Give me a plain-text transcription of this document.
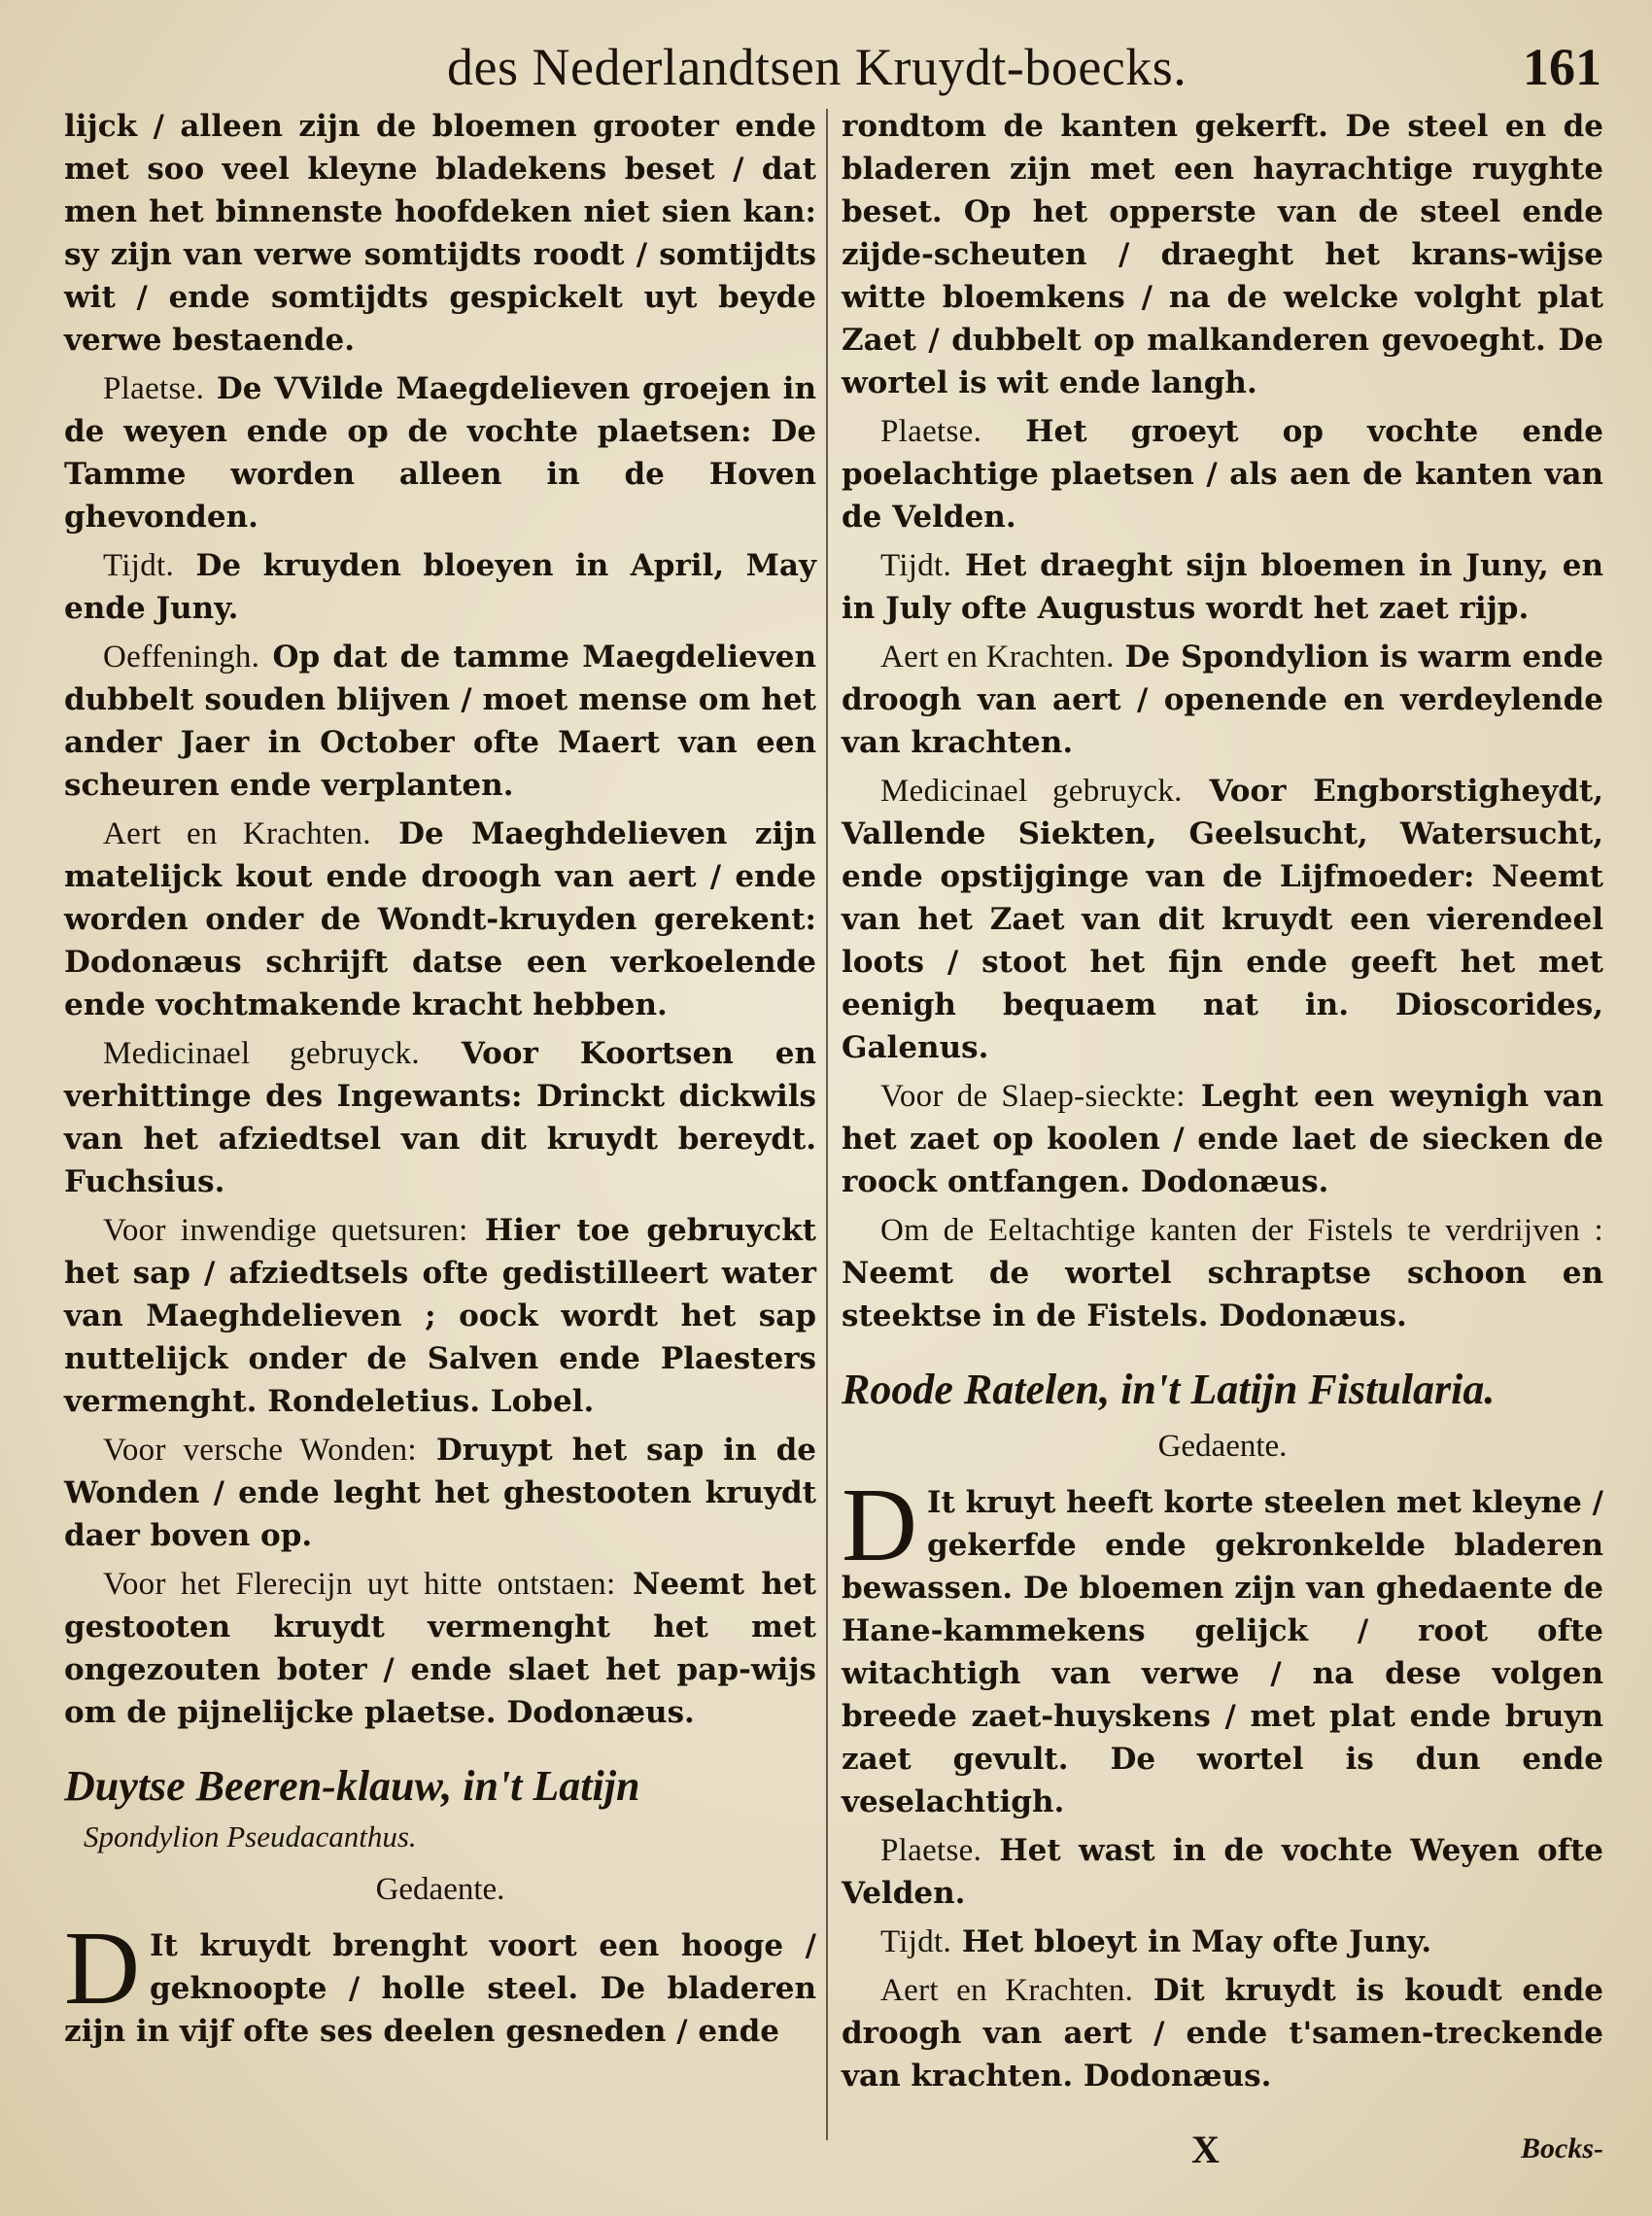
des Nederlandtsen Kruydt-boecks.	161

lijck / alleen zijn de bloemen grooter ende met soo veel kleyne bladekens beset / dat men het binnenste hoofdeken niet sien kan: sy zijn van verwe somtijdts roodt / somtijdts wit / ende somtijdts gespickelt uyt beyde verwe bestaende.

Plaetse. De VVilde Maegdelieven groejen in de weyen ende op de vochte plaetsen: De Tamme worden alleen in de Hoven ghevonden.

Tijdt. De kruyden bloeyen in April, May ende Juny.

Oeffeningh. Op dat de tamme Maegdelieven dubbelt souden blijven / moet mense om het ander Jaer in October ofte Maert van een scheuren ende verplanten.

Aert en Krachten. De Maeghdelieven zijn matelijck kout ende droogh van aert / ende worden onder de Wondt-kruyden gerekent: Dodonæus schrijft datse een verkoelende ende vochtmakende kracht hebben.

Medicinael gebruyck. Voor Koortsen en verhittinge des Ingewants: Drinckt dickwils van het afziedtsel van dit kruydt bereydt. Fuchsius.

Voor inwendige quetsuren: Hier toe gebruyckt het sap / afziedtsels ofte gedistilleert water van Maeghdelieven ; oock wordt het sap nuttelijck onder de Salven ende Plaesters vermenght. Rondeletius. Lobel.

Voor versche Wonden: Druypt het sap in de Wonden / ende leght het ghestooten kruydt daer boven op.

Voor het Flerecijn uyt hitte ontstaen: Neemt het gestooten kruydt vermenght het met ongezouten boter / ende slaet het pap-wijs om de pijnelijcke plaetse. Dodonæus.

Duytse Beeren-klauw, in't Latijn
Spondylion Pseudacanthus.
Gedaente.

D It kruydt brenght voort een hooge / geknoopte / holle steel. De bladeren zijn in vijf ofte ses deelen gesneden / ende

rondtom de kanten gekerft. De steel en de bladeren zijn met een hayrachtige ruyghte beset. Op het opperste van de steel ende zijde-scheuten / draeght het krans-wijse witte bloemkens / na de welcke volght plat Zaet / dubbelt op malkanderen gevoeght. De wortel is wit ende langh.

Plaetse. Het groeyt op vochte ende poelachtige plaetsen / als aen de kanten van de Velden.

Tijdt. Het draeght sijn bloemen in Juny, en in July ofte Augustus wordt het zaet rijp.

Aert en Krachten. De Spondylion is warm ende droogh van aert / openende en verdeylende van krachten.

Medicinael gebruyck. Voor Engborstigheydt, Vallende Siekten, Geelsucht, Watersucht, ende opstijginge van de Lijfmoeder: Neemt van het Zaet van dit kruydt een vierendeel loots / stoot het fijn ende geeft het met eenigh bequaem nat in. Dioscorides, Galenus.

Voor de Slaep-sieckte: Leght een weynigh van het zaet op koolen / ende laet de siecken de roock ontfangen. Dodonæus.

Om de Eeltachtige kanten der Fistels te verdrijven : Neemt de wortel schraptse schoon en steektse in de Fistels. Dodonæus.

Roode Ratelen, in't Latijn Fistularia.
Gedaente.

D It kruyt heeft korte steelen met kleyne / gekerfde ende gekronkelde bladeren bewassen. De bloemen zijn van ghedaente de Hane-kammekens gelijck / root ofte witachtigh van verwe / na dese volgen breede zaet-huyskens / met plat ende bruyn zaet gevult. De wortel is dun ende veselachtigh.

Plaetse. Het wast in de vochte Weyen ofte Velden.

Tijdt. Het bloeyt in May ofte Juny.

Aert en Krachten. Dit kruydt is koudt ende droogh van aert / ende t'samen-treckende van krachten. Dodonæus.

X	Bocks-
